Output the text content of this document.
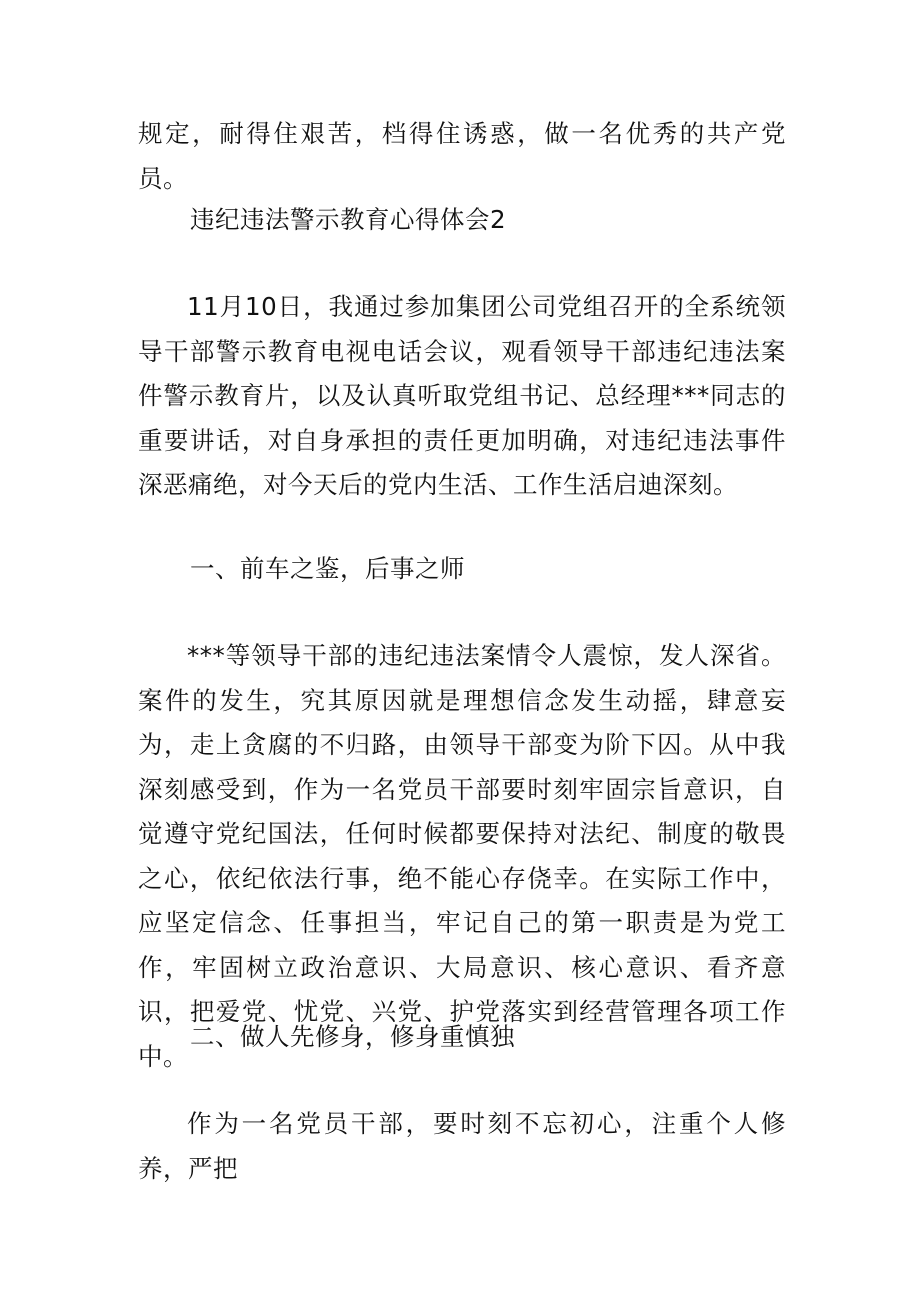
规定，耐得住艰苦，档得住诱惑，做一名优秀的共产党员。

违纪违法警示教育心得体会2

11月10日，我通过参加集团公司党组召开的全系统领导干部警示教育电视电话会议，观看领导干部违纪违法案件警示教育片，以及认真听取党组书记、总经理***同志的重要讲话，对自身承担的责任更加明确，对违纪违法事件深恶痛绝，对今天后的党内生活、工作生活启迪深刻。

一、前车之鉴，后事之师

***等领导干部的违纪违法案情令人震惊，发人深省。案件的发生，究其原因就是理想信念发生动摇，肆意妄为，走上贪腐的不归路，由领导干部变为阶下囚。从中我深刻感受到，作为一名党员干部要时刻牢固宗旨意识，自觉遵守党纪国法，任何时候都要保持对法纪、制度的敬畏之心，依纪依法行事，绝不能心存侥幸。在实际工作中，应坚定信念、任事担当，牢记自己的第一职责是为党工作，牢固树立政治意识、大局意识、核心意识、看齐意识，把爱党、忧党、兴党、护党落实到经营管理各项工作中。

二、做人先修身，修身重慎独

作为一名党员干部，要时刻不忘初心，注重个人修养，严把
